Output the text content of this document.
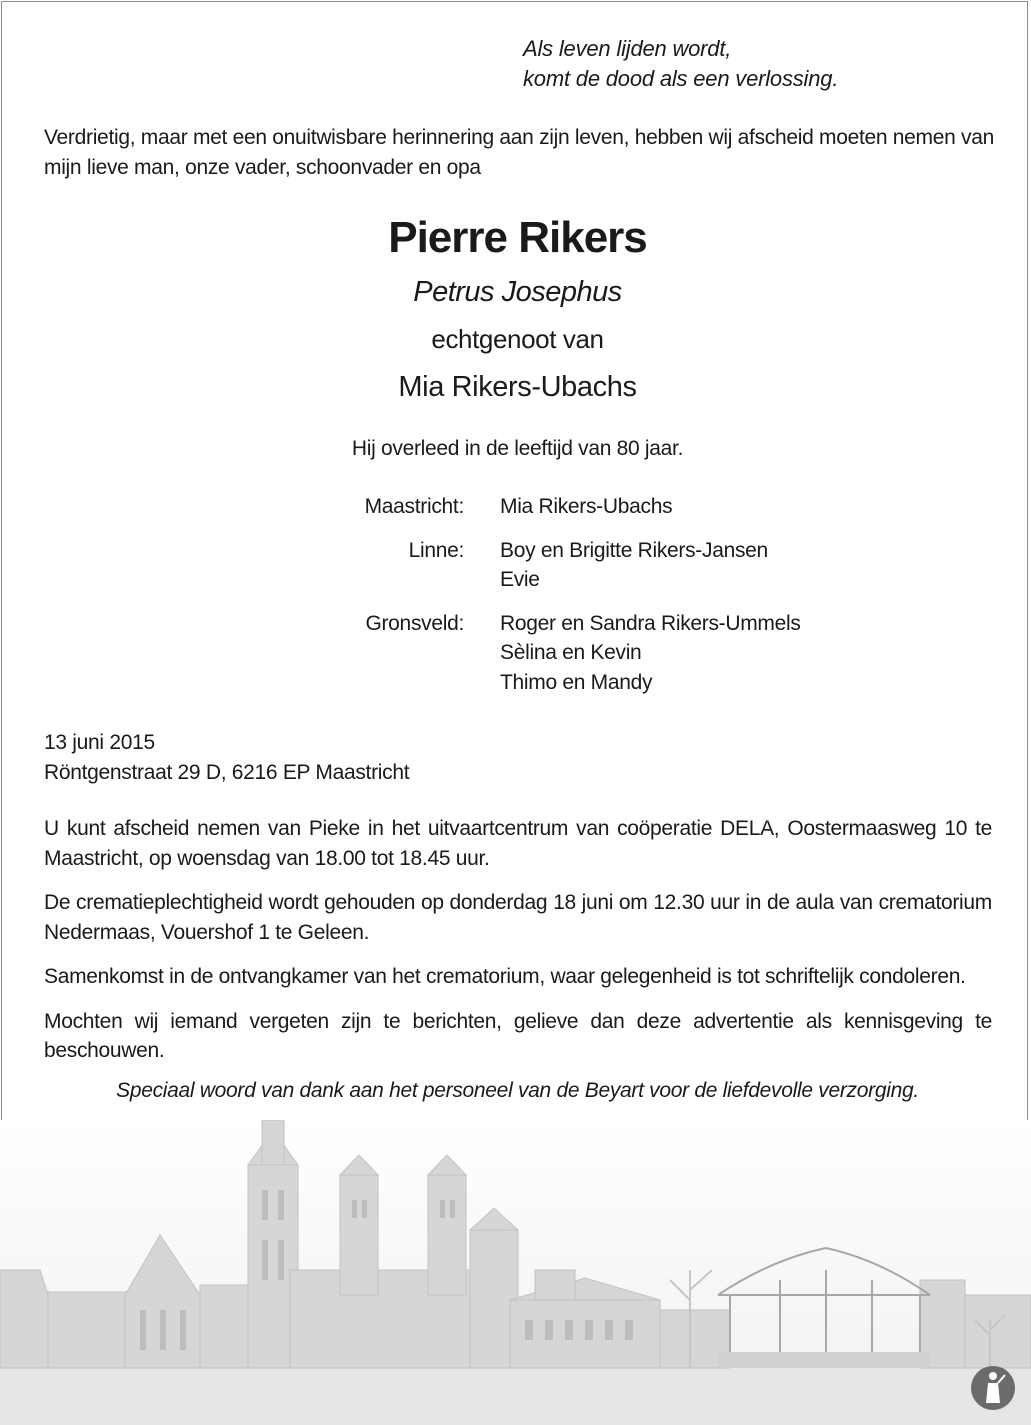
Als leven lijden wordt,
komt de dood als een verlossing.
Verdrietig, maar met een onuitwisbare herinnering aan zijn leven, hebben wij afscheid moeten nemen van mijn lieve man, onze vader, schoonvader en opa
Pierre Rikers
Petrus Josephus
echtgenoot van
Mia Rikers-Ubachs
Hij overleed in de leeftijd van 80 jaar.
Maastricht: Mia Rikers-Ubachs
Linne: Boy en Brigitte Rikers-Jansen
Evie
Gronsveld: Roger en Sandra Rikers-Ummels
Sèlina en Kevin
Thimo en Mandy
13 juni 2015
Röntgenstraat 29 D, 6216 EP Maastricht

U kunt afscheid nemen van Pieke in het uitvaartcentrum van coöperatie DELA, Oostermaasweg 10 te Maastricht, op woensdag van 18.00 tot 18.45 uur.

De crematieplechtigheid wordt gehouden op donderdag 18 juni om 12.30 uur in de aula van crematorium Nedermaas, Vouershof 1 te Geleen.

Samenkomst in de ontvangkamer van het crematorium, waar gelegenheid is tot schriftelijk condoleren.

Mochten wij iemand vergeten zijn te berichten, gelieve dan deze advertentie als kennisgeving te beschouwen.

Speciaal woord van dank aan het personeel van de Beyart voor de liefdevolle verzorging.
